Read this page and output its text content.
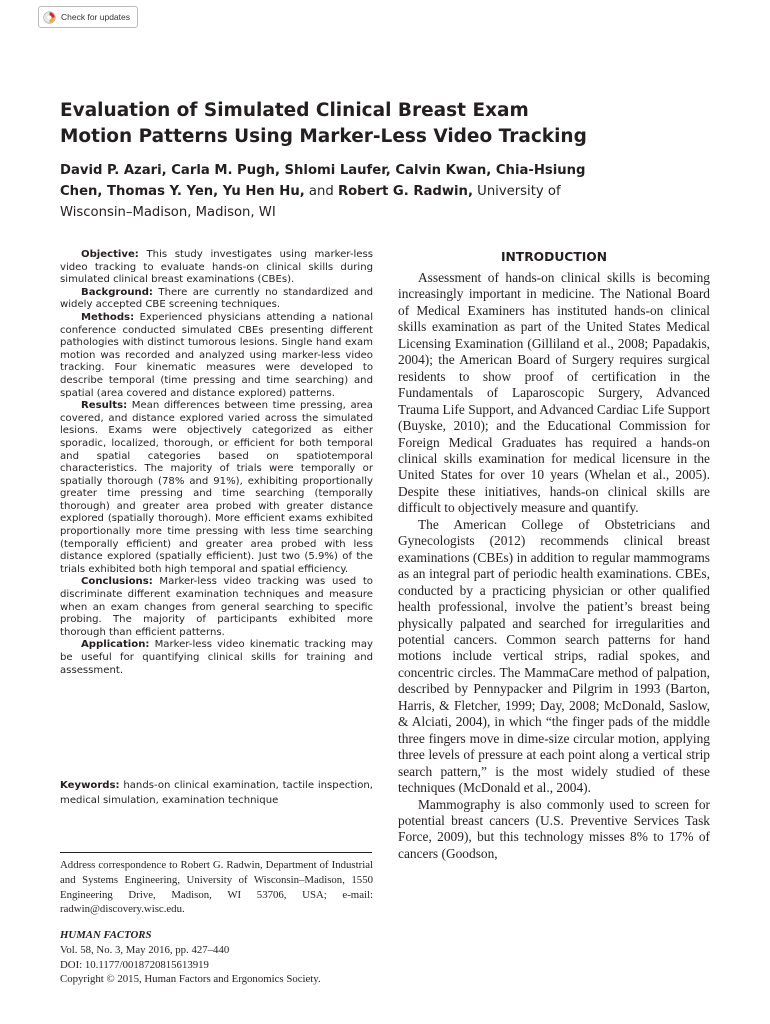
Check for updates
Evaluation of Simulated Clinical Breast Exam
Motion Patterns Using Marker-Less Video Tracking
David P. Azari, Carla M. Pugh, Shlomi Laufer, Calvin Kwan, Chia-Hsiung
Chen, Thomas Y. Yen, Yu Hen Hu, and Robert G. Radwin, University of
Wisconsin–Madison, Madison, WI

Objective: This study investigates using marker-less video tracking to evaluate hands-on clinical skills during simulated clinical breast examinations (CBEs).

Background: There are currently no standardized and widely accepted CBE screening techniques.

Methods: Experienced physicians attending a national conference conducted simulated CBEs presenting different pathologies with distinct tumorous lesions. Single hand exam motion was recorded and analyzed using marker-less video tracking. Four kinematic measures were developed to describe temporal (time pressing and time searching) and spatial (area covered and distance explored) patterns.

Results: Mean differences between time pressing, area covered, and distance explored varied across the simulated lesions. Exams were objectively categorized as either sporadic, localized, thorough, or efficient for both temporal and spatial categories based on spatiotemporal characteristics. The majority of trials were temporally or spatially thorough (78% and 91%), exhibiting proportionally greater time pressing and time searching (temporally thorough) and greater area probed with greater distance explored (spatially thorough). More efficient exams exhibited proportionally more time pressing with less time searching (temporally efficient) and greater area probed with less distance explored (spatially efficient). Just two (5.9%) of the trials exhibited both high temporal and spatial efficiency.

Conclusions: Marker-less video tracking was used to discriminate different examination techniques and measure when an exam changes from general searching to specific probing. The majority of participants exhibited more thorough than efficient patterns.

Application: Marker-less video kinematic tracking may be useful for quantifying clinical skills for training and assessment.

Keywords: hands-on clinical examination, tactile inspection, medical simulation, examination technique

Address correspondence to Robert G. Radwin, Department of Industrial and Systems Engineering, University of Wisconsin–Madison, 1550 Engineering Drive, Madison, WI 53706, USA; e-mail: radwin@discovery.wisc.edu.

HUMAN FACTORS
Vol. 58, No. 3, May 2016, pp. 427–440
DOI: 10.1177/0018720815613919
Copyright © 2015, Human Factors and Ergonomics Society.
INTRODUCTION

Assessment of hands-on clinical skills is becoming increasingly important in medicine. The National Board of Medical Examiners has instituted hands-on clinical skills examination as part of the United States Medical Licensing Examination (Gilliland et al., 2008; Papadakis, 2004); the American Board of Surgery requires surgical residents to show proof of certification in the Fundamentals of Laparoscopic Surgery, Advanced Trauma Life Support, and Advanced Cardiac Life Support (Buyske, 2010); and the Educational Commission for Foreign Medical Graduates has required a hands-on clinical skills examination for medical licensure in the United States for over 10 years (Whelan et al., 2005). Despite these initiatives, hands-on clinical skills are difficult to objectively measure and quantify.

The American College of Obstetricians and Gynecologists (2012) recommends clinical breast examinations (CBEs) in addition to regular mammograms as an integral part of periodic health examinations. CBEs, conducted by a practicing physician or other qualified health professional, involve the patient’s breast being physically palpated and searched for irregularities and potential cancers. Common search patterns for hand motions include vertical strips, radial spokes, and concentric circles. The MammaCare method of palpation, described by Pennypacker and Pilgrim in 1993 (Barton, Harris, & Fletcher, 1999; Day, 2008; McDonald, Saslow, & Alciati, 2004), in which “the finger pads of the middle three fingers move in dime-size circular motion, applying three levels of pressure at each point along a vertical strip search pattern,” is the most widely studied of these techniques (McDonald et al., 2004).

Mammography is also commonly used to screen for potential breast cancers (U.S. Preventive Services Task Force, 2009), but this technology misses 8% to 17% of cancers (Goodson,
